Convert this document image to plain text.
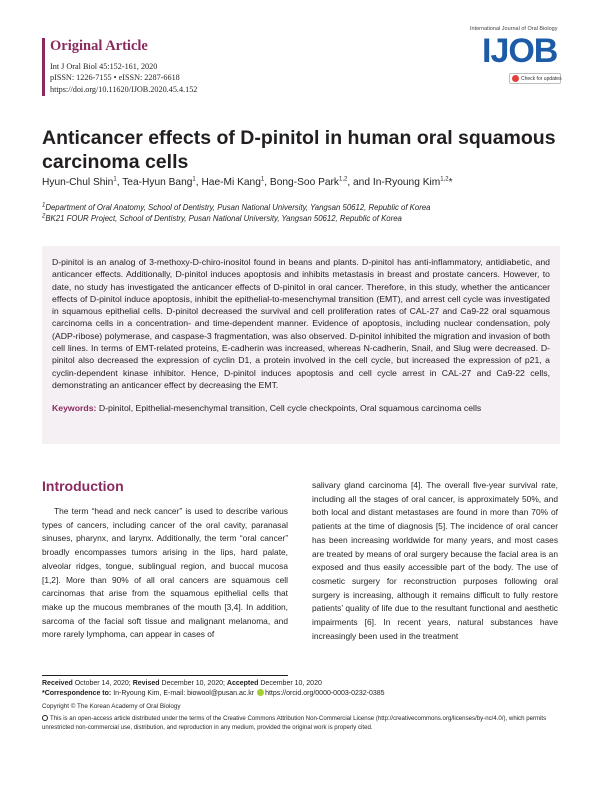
Original Article
Int J Oral Biol 45:152-161, 2020
pISSN: 1226-7155 • eISSN: 2287-6618
https://doi.org/10.11620/IJOB.2020.45.4.152
International Journal of Oral Biology
IJOB
Check for updates
Anticancer effects of D-pinitol in human oral squamous carcinoma cells
Hyun-Chul Shin$^1$, Tea-Hyun Bang$^1$, Hae-Mi Kang$^1$, Bong-Soo Park$^{1,2}$, and In-Ryoung Kim$^{1,2}$*
$^1$Department of Oral Anatomy, School of Dentistry, Pusan National University, Yangsan 50612, Republic of Korea
$^2$BK21 FOUR Project, School of Dentistry, Pusan National University, Yangsan 50612, Republic of Korea

D-pinitol is an analog of 3-methoxy-D-chiro-inositol found in beans and plants. D-pinitol has anti-inflammatory, antidiabetic, and anticancer effects. Additionally, D-pinitol induces apoptosis and inhibits metastasis in breast and prostate cancers. However, to date, no study has investigated the anticancer effects of D-pinitol in oral cancer. Therefore, in this study, whether the anticancer effects of D-pinitol induce apoptosis, inhibit the epithelial-to-mesenchymal transition (EMT), and arrest cell cycle was investigated in squamous epithelial cells. D-pinitol decreased the survival and cell proliferation rates of CAL-27 and Ca9-22 oral squamous carcinoma cells in a concentration- and time-dependent manner. Evidence of apoptosis, including nuclear condensation, poly (ADP-ribose) polymerase, and caspase-3 fragmentation, was also observed. D-pinitol inhibited the migration and invasion of both cell lines. In terms of EMT-related proteins, E-cadherin was increased, whereas N-cadherin, Snail, and Slug were decreased. D-pinitol also decreased the expression of cyclin D1, a protein involved in the cell cycle, but increased the expression of p21, a cyclin-dependent kinase inhibitor. Hence, D-pinitol induces apoptosis and cell cycle arrest in CAL-27 and Ca9-22 cells, demonstrating an anticancer effect by decreasing the EMT.

Keywords: D-pinitol, Epithelial-mesenchymal transition, Cell cycle checkpoints, Oral squamous carcinoma cells

Introduction

The term “head and neck cancer” is used to describe various types of cancers, including cancer of the oral cavity, paranasal sinuses, pharynx, and larynx. Additionally, the term “oral cancer” broadly encompasses tumors arising in the lips, hard palate, alveolar ridges, tongue, sublingual region, and buccal mucosa [1,2]. More than 90% of all oral cancers are squamous cell carcinomas that arise from the squamous epithelial cells that make up the mucous membranes of the mouth [3,4]. In addition, sarcoma of the facial soft tissue and malignant melanoma, and more rarely lymphoma, can appear in cases of

salivary gland carcinoma [4]. The overall five-year survival rate, including all the stages of oral cancer, is approximately 50%, and both local and distant metastases are found in more than 70% of patients at the time of diagnosis [5]. The incidence of oral cancer has been increasing worldwide for many years, and most cases are treated by means of oral surgery because the facial area is an exposed and thus easily accessible part of the body. The use of cosmetic surgery for reconstruction purposes following oral surgery is increasing, although it remains difficult to fully restore patients’ quality of life due to the resultant functional and aesthetic impairments [6]. In recent years, natural substances have increasingly been used in the treatment

Received October 14, 2020; Revised December 10, 2020; Accepted December 10, 2020
*Correspondence to: In-Ryoung Kim, E-mail: biowool@pusan.ac.kr https://orcid.org/0000-0003-0232-0385
Copyright © The Korean Academy of Oral Biology
This is an open-access article distributed under the terms of the Creative Commons Attribution Non-Commercial License (http://creativecommons.org/licenses/by-nc/4.0/), which permits unrestricted non-commercial use, distribution, and reproduction in any medium, provided the original work is properly cited.
